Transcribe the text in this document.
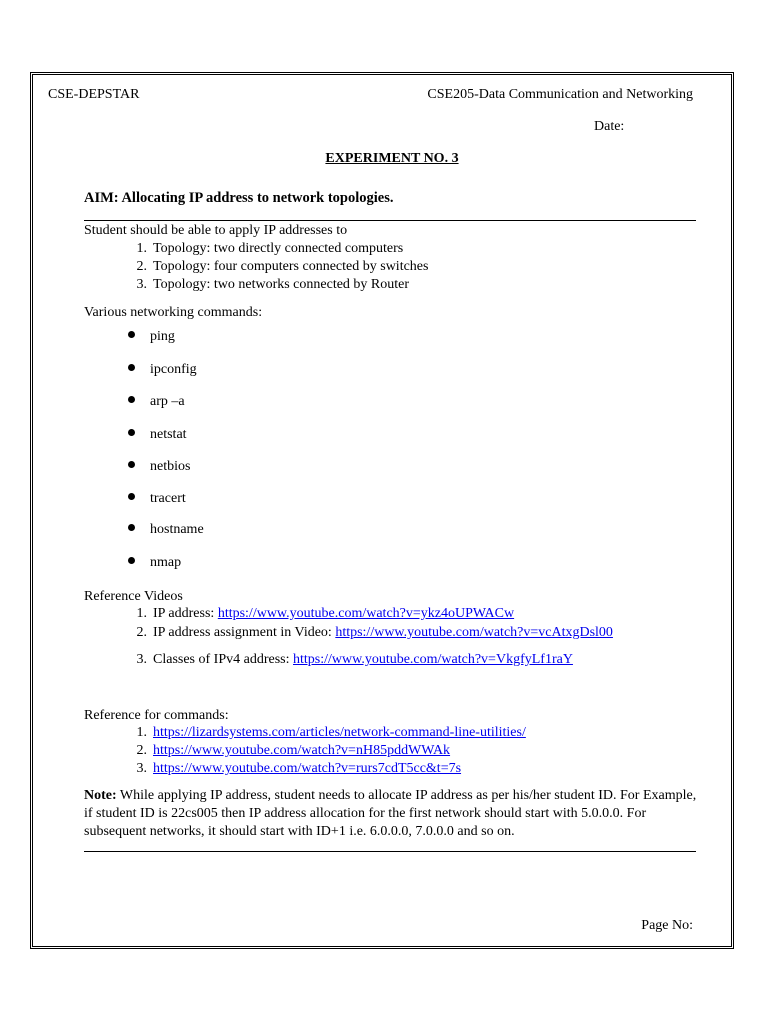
CSE-DEPSTAR	CSE205-Data Communication and Networking
Date:
EXPERIMENT NO. 3
AIM: Allocating IP address to network topologies.
Student should be able to apply IP addresses to
1. Topology: two directly connected computers
2. Topology: four computers connected by switches
3. Topology: two networks connected by Router
Various networking commands:
ping
ipconfig
arp –a
netstat
netbios
tracert
hostname
nmap
Reference Videos
1. IP address: https://www.youtube.com/watch?v=ykz4oUPWACw
2. IP address assignment in Video: https://www.youtube.com/watch?v=vcAtxgDsl00
3. Classes of IPv4 address: https://www.youtube.com/watch?v=VkgfyLf1raY
Reference for commands:
1. https://lizardsystems.com/articles/network-command-line-utilities/
2. https://www.youtube.com/watch?v=nH85pddWWAk
3. https://www.youtube.com/watch?v=rurs7cdT5cc&t=7s
Note: While applying IP address, student needs to allocate IP address as per his/her student ID. For Example, if student ID is 22cs005 then IP address allocation for the first network should start with 5.0.0.0. For subsequent networks, it should start with ID+1 i.e. 6.0.0.0, 7.0.0.0 and so on.
Page No:
